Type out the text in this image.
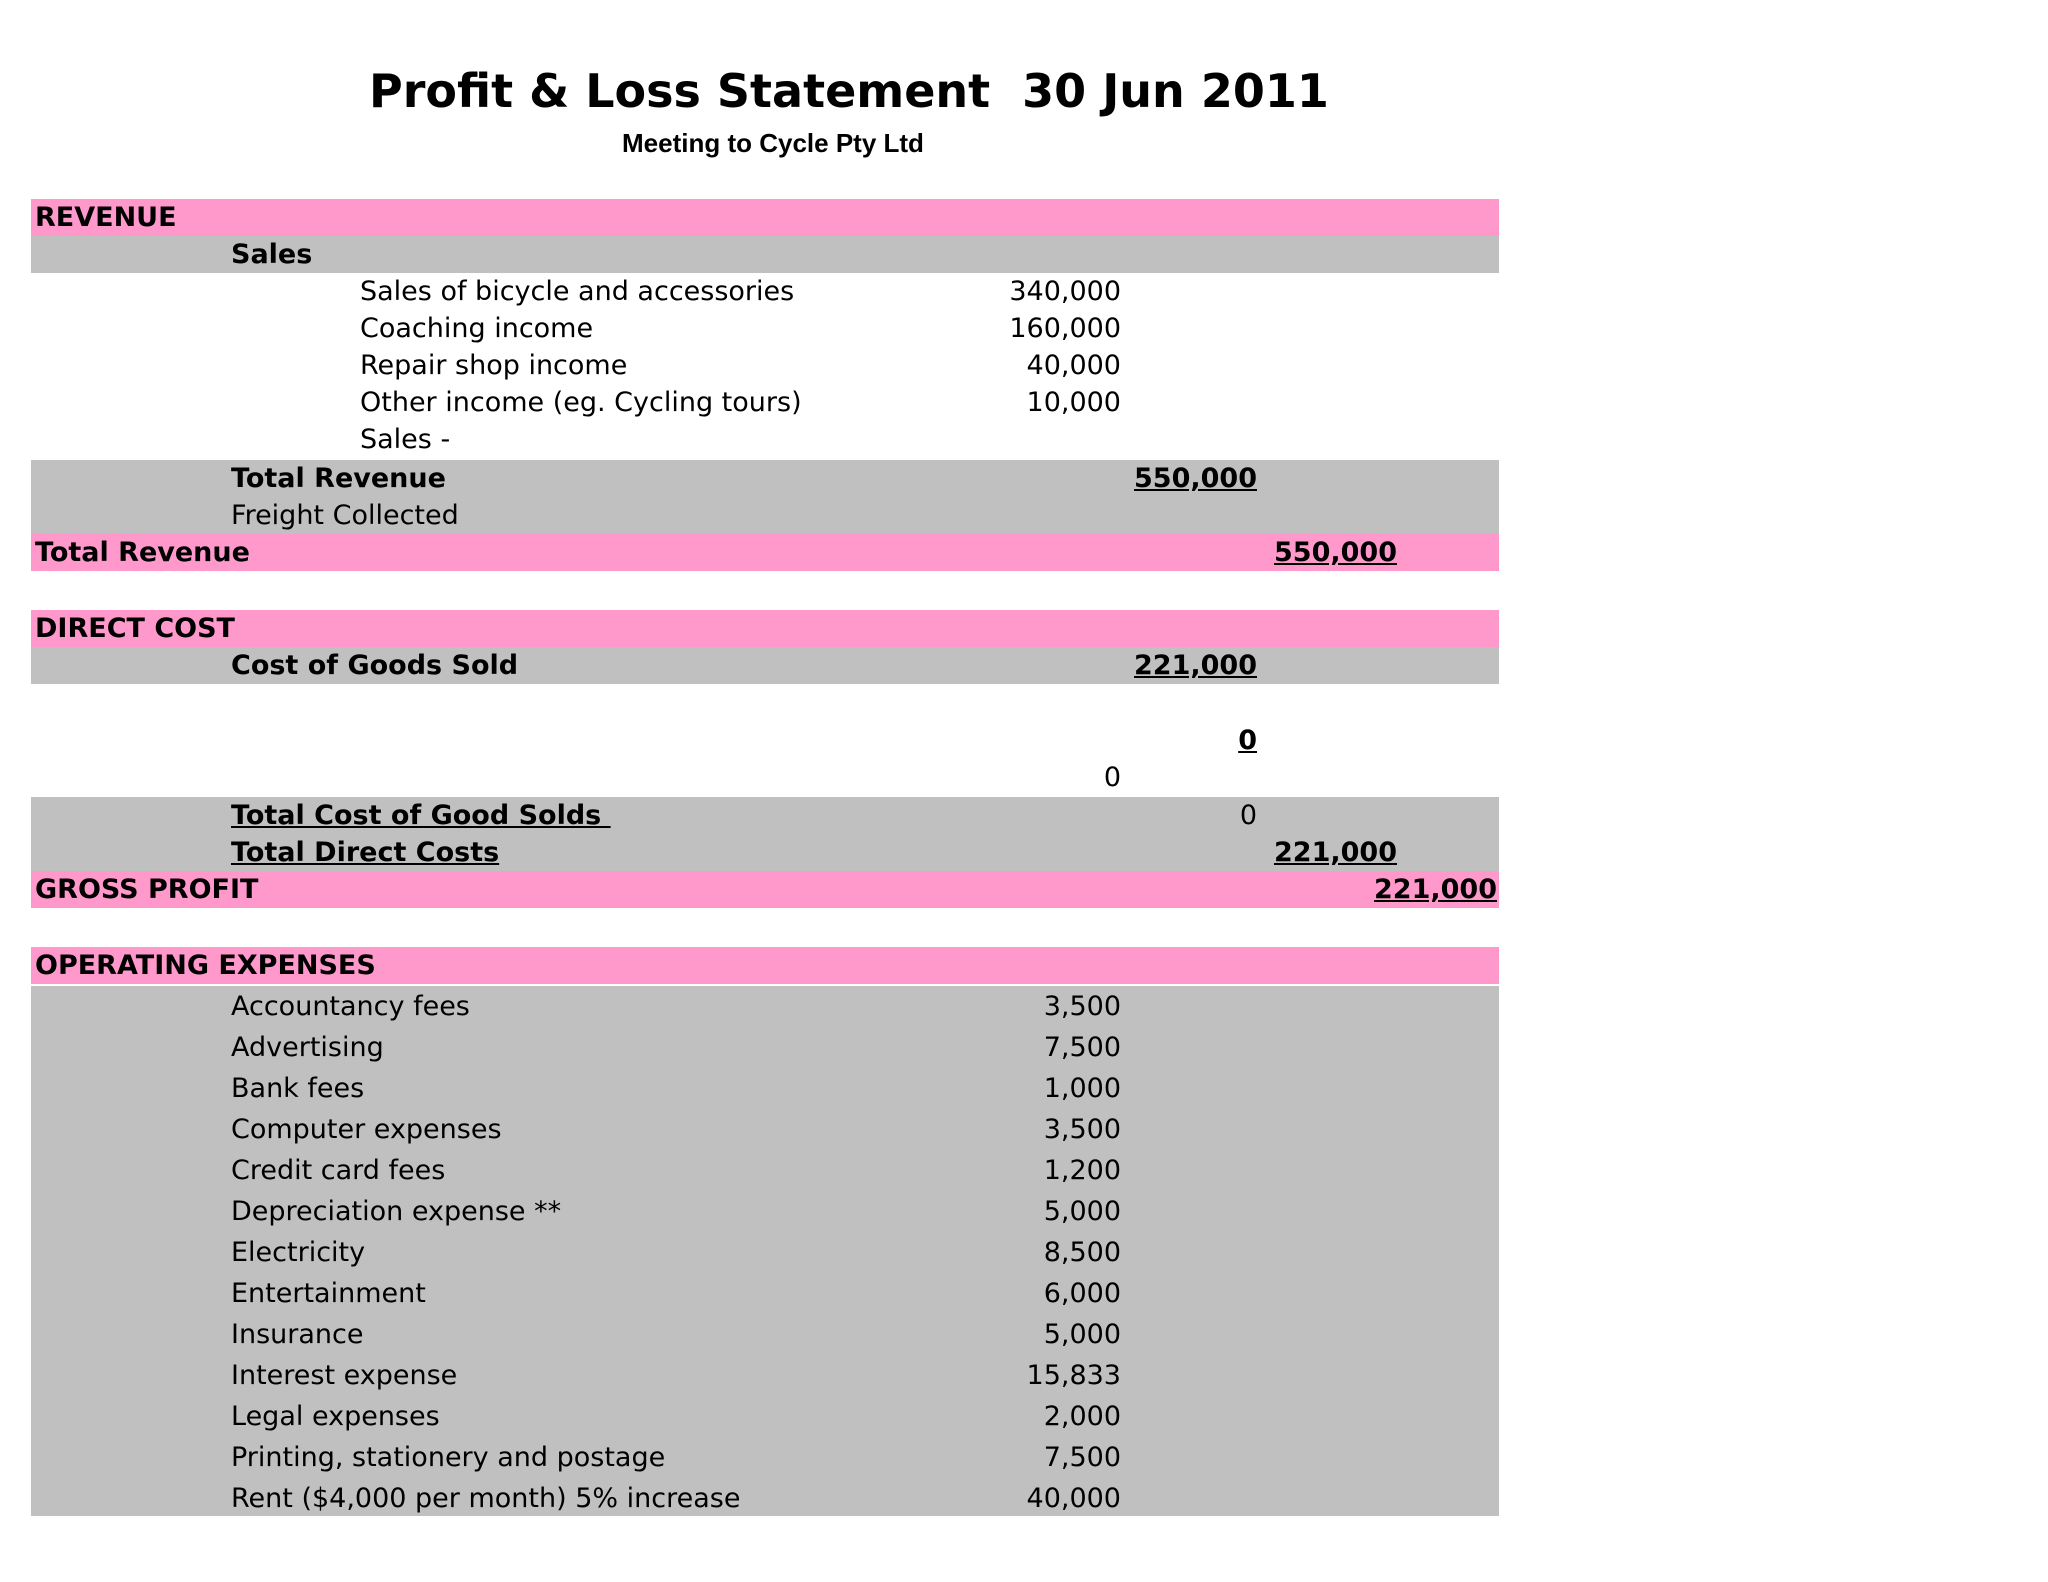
Profit & Loss Statement  30 Jun 2011
Meeting to Cycle Pty Ltd
REVENUE
Sales
Sales of bicycle and accessories	340,000
Coaching income	160,000
Repair shop income	40,000
Other income (eg. Cycling tours)	10,000
Sales -
Total Revenue	550,000
Freight Collected
Total Revenue	550,000
DIRECT COST
Cost of Goods Sold	221,000
0
0
Total Cost of Good Solds	0
Total Direct Costs	221,000
GROSS PROFIT	221,000
OPERATING EXPENSES
Accountancy fees	3,500
Advertising	7,500
Bank fees	1,000
Computer expenses	3,500
Credit card fees	1,200
Depreciation expense **	5,000
Electricity	8,500
Entertainment	6,000
Insurance	5,000
Interest expense	15,833
Legal expenses	2,000
Printing, stationery and postage	7,500
Rent ($4,000 per month) 5% increase	40,000
